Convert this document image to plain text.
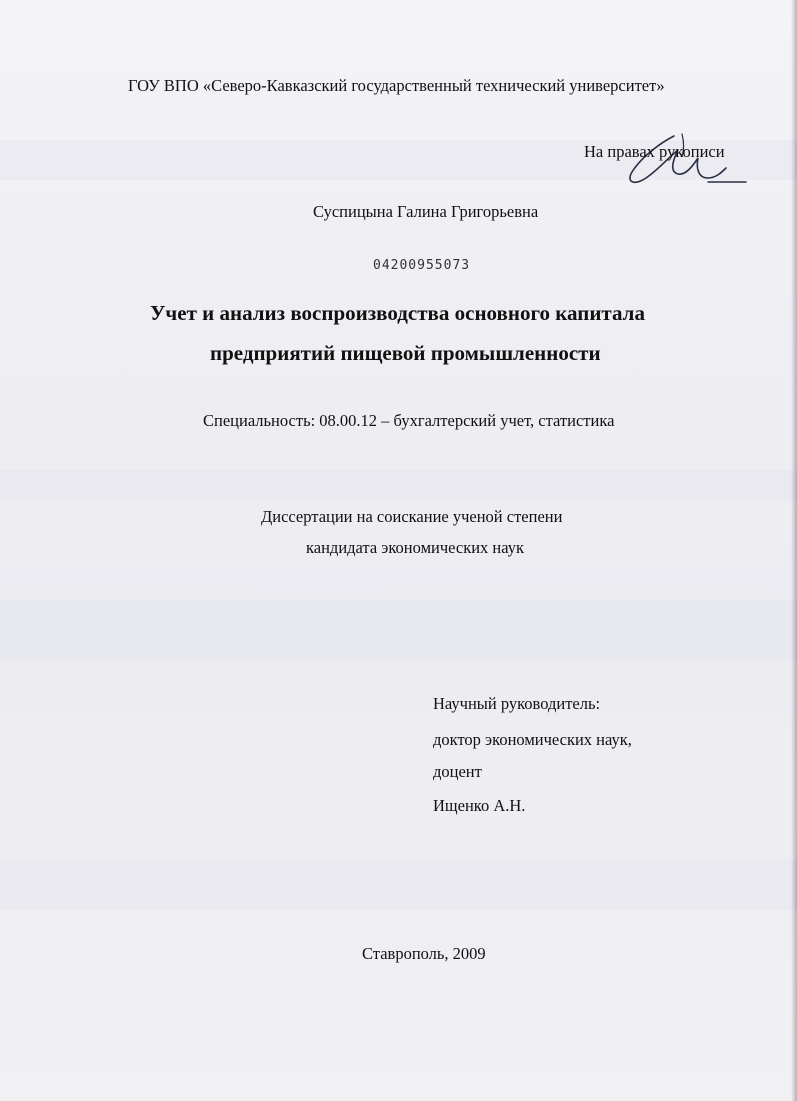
ГОУ ВПО «Северо-Кавказский государственный технический университет»
На правах рукописи
Суспицына Галина Григорьевна
04200955073
Учет и анализ воспроизводства основного капитала
предприятий пищевой промышленности
Специальность: 08.00.12 – бухгалтерский учет, статистика
Диссертации на соискание ученой степени
кандидата экономических наук
Научный руководитель:
доктор экономических наук,
доцент
Ищенко А.Н.
Ставрополь, 2009
